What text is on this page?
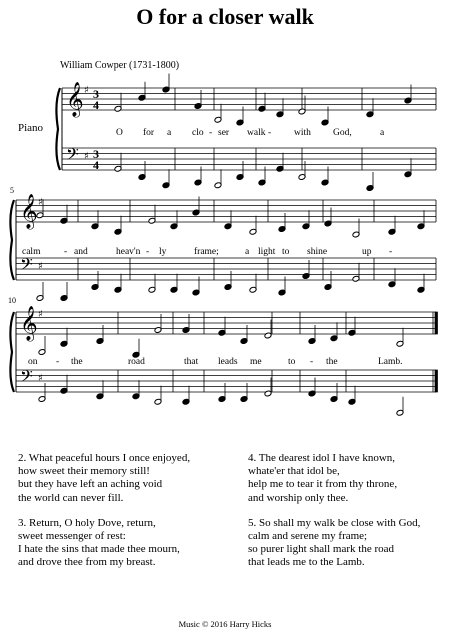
O for a closer walk
William Cowper (1731-1800)
Piano
𝄞
𝄢
♯
♯
3
4
3
4
𝄞
𝄢
♯
♯
𝄞
𝄢
♯
♯
5
10
O for a clo - ser walk - with God,	a
calm - and	heav'n - ly	frame;	a light to shine	up -
on - the	road	that leads me	to - the	Lamb.
2. What peaceful hours I once enjoyed,
how sweet their memory still!
but they have left an aching void
the world can never fill.
3. Return, O holy Dove, return,
sweet messenger of rest:
I hate the sins that made thee mourn,
and drove thee from my breast.
4. The dearest idol I have known,
whate'er that idol be,
help me to tear it from thy throne,
and worship only thee.
5. So shall my walk be close with God,
calm and serene my frame;
so purer light shall mark the road
that leads me to the Lamb.
Music © 2016 Harry Hicks
